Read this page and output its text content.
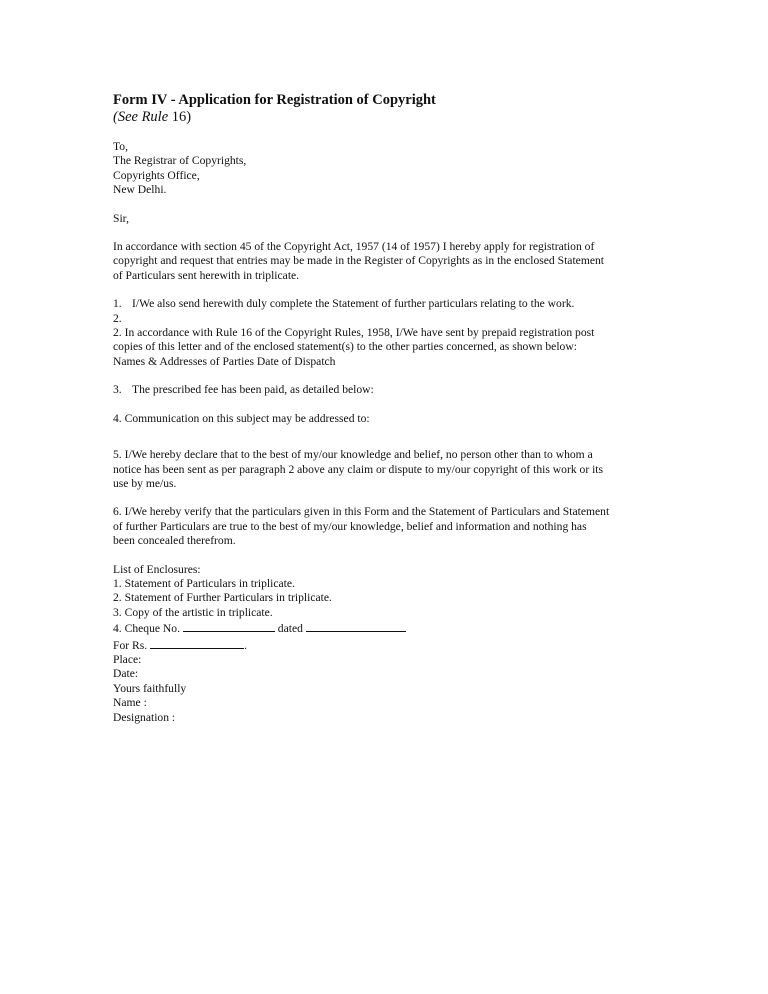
Form IV - Application for Registration of Copyright
(See Rule 16)
To,
The Registrar of Copyrights,
Copyrights Office,
New Delhi.
Sir,
In accordance with section 45 of the Copyright Act, 1957 (14 of 1957) I hereby apply for registration of
copyright and request that entries may be made in the Register of Copyrights as in the enclosed Statement
of Particulars sent herewith in triplicate.
1. I/We also send herewith duly complete the Statement of further particulars relating to the work.
2.
2. In accordance with Rule 16 of the Copyright Rules, 1958, I/We have sent by prepaid registration post
copies of this letter and of the enclosed statement(s) to the other parties concerned, as shown below:
Names & Addresses of Parties Date of Dispatch
3. The prescribed fee has been paid, as detailed below:
4. Communication on this subject may be addressed to:
5. I/We hereby declare that to the best of my/our knowledge and belief, no person other than to whom a
notice has been sent as per paragraph 2 above any claim or dispute to my/our copyright of this work or its
use by me/us.
6. I/We hereby verify that the particulars given in this Form and the Statement of Particulars and Statement
of further Particulars are true to the best of my/our knowledge, belief and information and nothing has
been concealed therefrom.
List of Enclosures:
1. Statement of Particulars in triplicate.
2. Statement of Further Particulars in triplicate.
3. Copy of the artistic in triplicate.
4. Cheque No.	dated
For Rs.	.
Place:
Date:
Yours faithfully
Name :
Designation :
